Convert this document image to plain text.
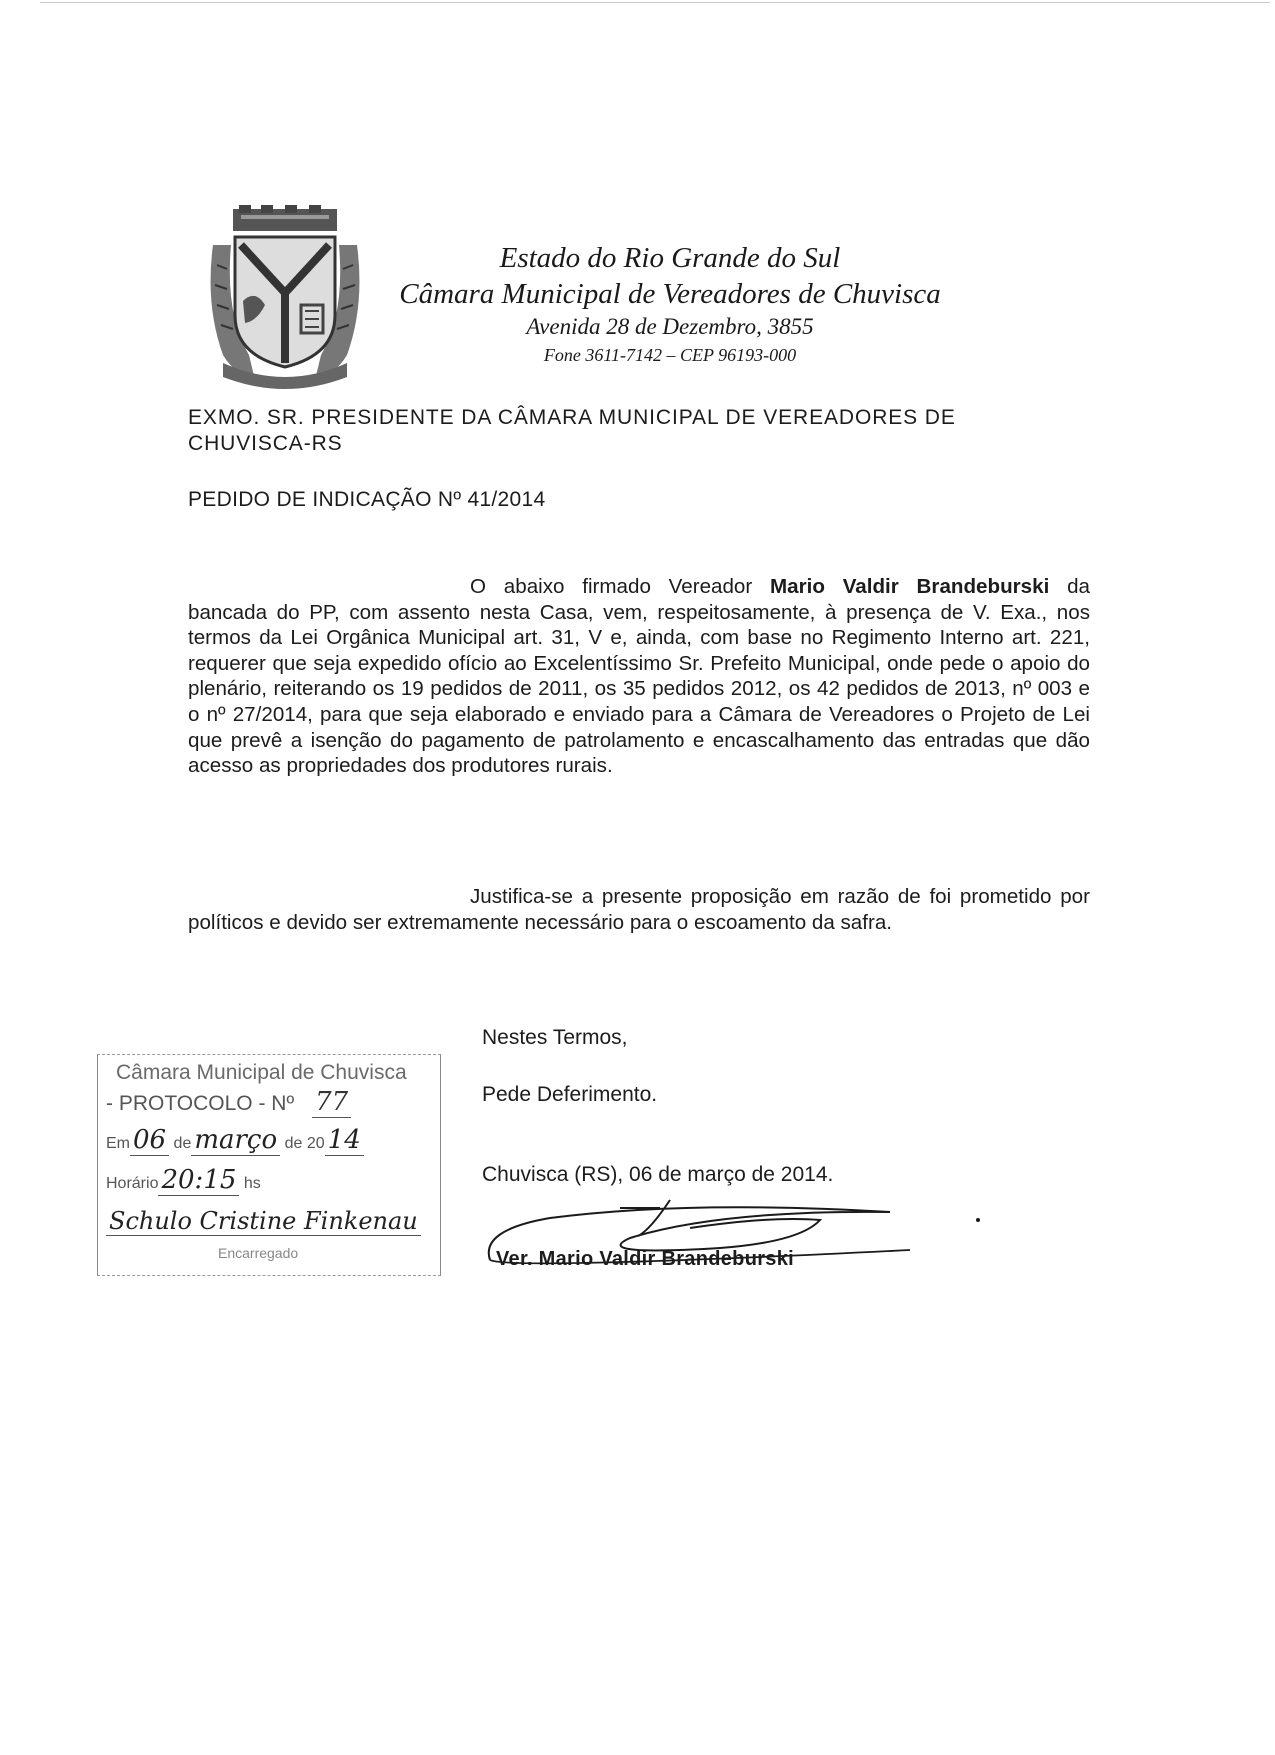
Estado do Rio Grande do Sul
Câmara Municipal de Vereadores de Chuvisca
Avenida 28 de Dezembro, 3855
Fone 3611-7142 – CEP 96193-000
EXMO. SR. PRESIDENTE DA CÂMARA MUNICIPAL DE VEREADORES DE
CHUVISCA-RS
PEDIDO DE INDICAÇÃO Nº 41/2014
O abaixo firmado Vereador Mario Valdir Brandeburski da bancada do PP, com assento nesta Casa, vem, respeitosamente, à presença de V. Exa., nos termos da Lei Orgânica Municipal art. 31, V e, ainda, com base no Regimento Interno art. 221, requerer que seja expedido ofício ao Excelentíssimo Sr. Prefeito Municipal, onde pede o apoio do plenário, reiterando os 19 pedidos de 2011, os 35 pedidos 2012, os 42 pedidos de 2013, nº 003 e o nº 27/2014, para que seja elaborado e enviado para a Câmara de Vereadores o Projeto de Lei que prevê a isenção do pagamento de patrolamento e encascalhamento das entradas que dão acesso as propriedades dos produtores rurais.
Justifica-se a presente proposição em razão de foi prometido por políticos e devido ser extremamente necessário para o escoamento da safra.
Nestes Termos,
Pede Deferimento.
Chuvisca (RS), 06 de março de 2014.
Ver. Mario Valdir Brandeburski
Câmara Municipal de Chuvisca
- PROTOCOLO - Nº 77
Em 06 de março de 20 14
Horário 20:15 hs
Schulo Cristine Finkenau
Encarregado
